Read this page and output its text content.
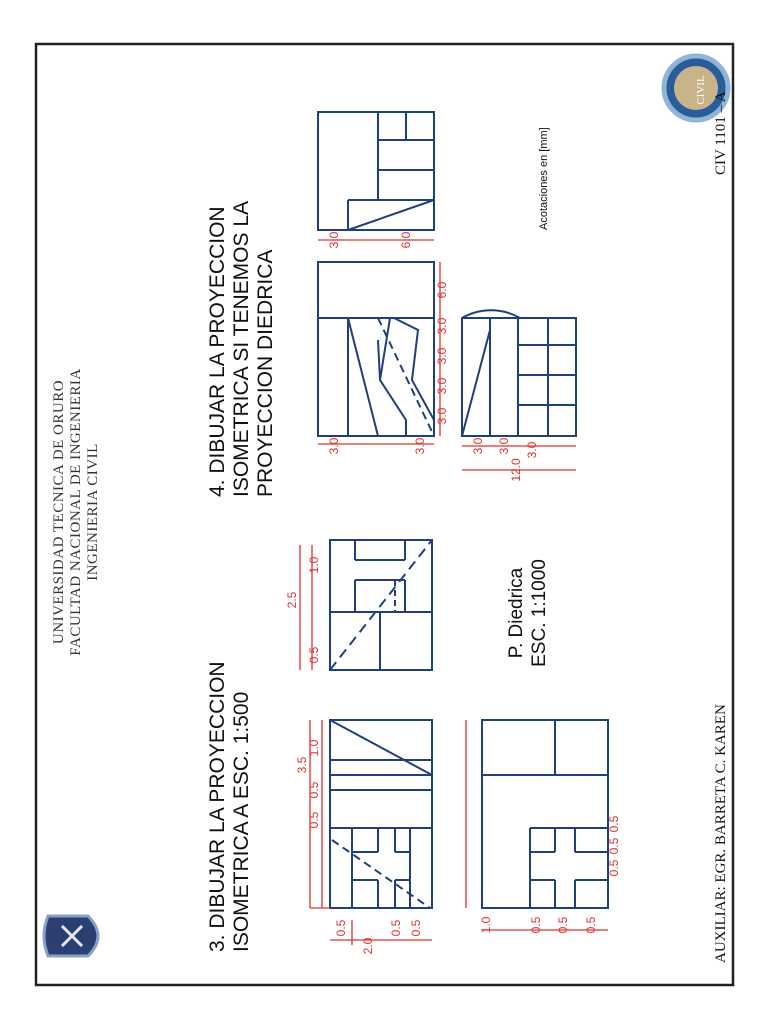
CIVIL
UNIVERSIDAD TECNICA DE ORURO FACULTAD NACIONAL DE INGENIERIA INGENIERIA CIVIL
AUXILIAR: EGR. BARRETA C. KAREN
CIV 1101 – A
3. DIBUJAR LA PROYECCION ISOMETRICA A ESC. 1:500
P. Diedrica ESC. 1:1000
4. DIBUJAR LA PROYECCION ISOMETRICA SI TENEMOS LA PROYECCION DIEDRICA
Acotaciones en [mm]
3.5
0.5
0.5
1.0
0.5
2.0
0.5 0.5
2.5
0.5
1.0
1.0	0.5 0.5 0.5
0.5
0.5
0.5
3.0
3.0
3.0
3.0
6.0
3.0	3.0
3.0	6.0
3.0 3.0
12.0
3.0
